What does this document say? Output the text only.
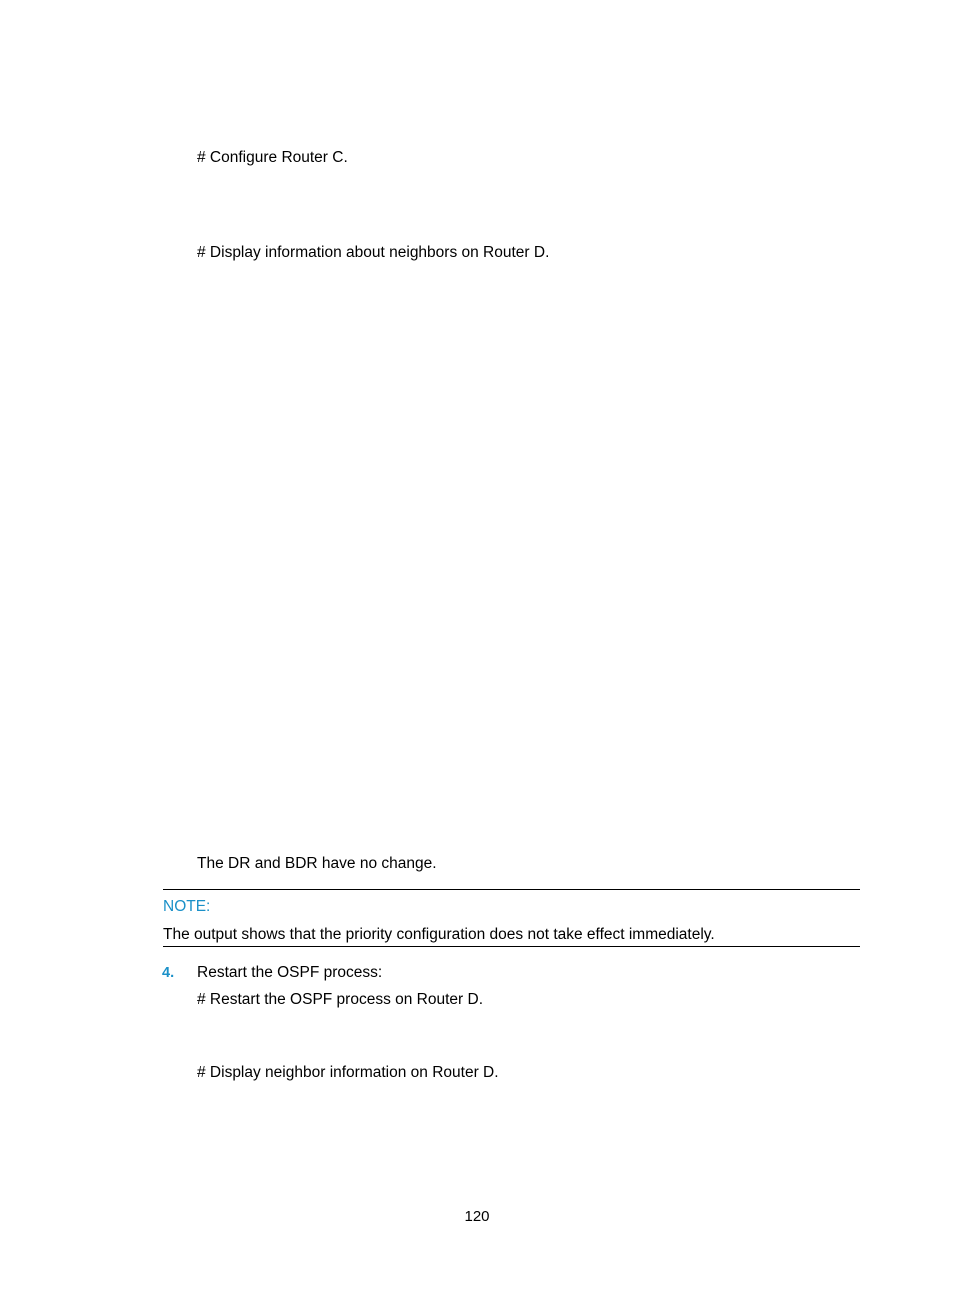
# Configure Router C.
# Display information about neighbors on Router D.
The DR and BDR have no change.
NOTE:
The output shows that the priority configuration does not take effect immediately.
4. Restart the OSPF process:
# Restart the OSPF process on Router D.
# Display neighbor information on Router D.
120
